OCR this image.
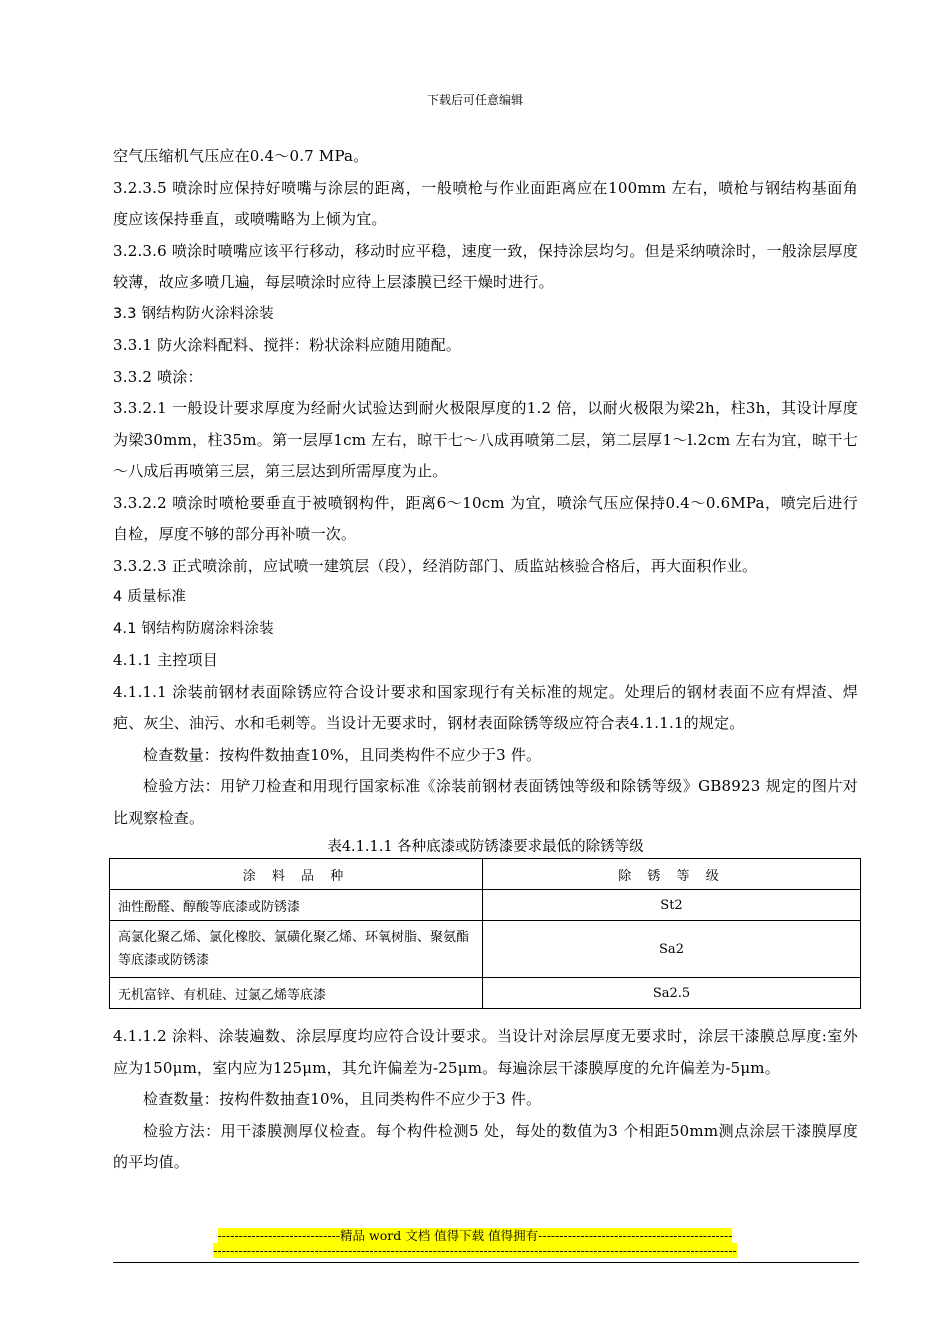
下载后可任意编辑

空气压缩机气压应在0.4～0.7 MPa。

3.2.3.5 喷涂时应保持好喷嘴与涂层的距离，一般喷枪与作业面距离应在100mm 左右，喷枪与钢结构基面角度应该保持垂直，或喷嘴略为上倾为宜。

3.2.3.6 喷涂时喷嘴应该平行移动，移动时应平稳，速度一致，保持涂层均匀。但是采纳喷涂时，一般涂层厚度较薄，故应多喷几遍，每层喷涂时应待上层漆膜已经干燥时进行。

3.3 钢结构防火涂料涂装

3.3.1 防火涂料配料、搅拌：粉状涂料应随用随配。

3.3.2 喷涂：

3.3.2.1 一般设计要求厚度为经耐火试验达到耐火极限厚度的1.2 倍，以耐火极限为梁2h，柱3h，其设计厚度为梁30mm，柱35m。第一层厚1cm 左右，晾干七～八成再喷第二层，第二层厚1～l.2cm 左右为宜，晾干七～八成后再喷第三层，第三层达到所需厚度为止。

3.3.2.2 喷涂时喷枪要垂直于被喷钢构件，距离6～10cm 为宜，喷涂气压应保持0.4～0.6MPa，喷完后进行自检，厚度不够的部分再补喷一次。

3.3.2.3 正式喷涂前，应试喷一建筑层（段），经消防部门、质监站核验合格后，再大面积作业。

4 质量标准

4.1 钢结构防腐涂料涂装

4.1.1 主控项目

4.1.1.1 涂装前钢材表面除锈应符合设计要求和国家现行有关标准的规定。处理后的钢材表面不应有焊渣、焊疤、灰尘、油污、水和毛刺等。当设计无要求时，钢材表面除锈等级应符合表4.1.1.1的规定。

检查数量：按构件数抽查10%，且同类构件不应少于3 件。

检验方法：用铲刀检查和用现行国家标准《涂装前钢材表面锈蚀等级和除锈等级》GB8923 规定的图片对比观察检查。

表4.1.1.1 各种底漆或防锈漆要求最低的除锈等级
涂 料 品 种	除 锈 等 级
油性酚醛、醇酸等底漆或防锈漆	St2
高氯化聚乙烯、氯化橡胶、氯磺化聚乙烯、环氧树脂、聚氨酯等底漆或防锈漆	Sa2
无机富锌、有机硅、过氯乙烯等底漆	Sa2.5

4.1.1.2 涂料、涂装遍数、涂层厚度均应符合设计要求。当设计对涂层厚度无要求时，涂层干漆膜总厚度:室外应为150μm，室内应为125μm，其允许偏差为-25μm。每遍涂层干漆膜厚度的允许偏差为-5μm。

检查数量：按构件数抽查10%，且同类构件不应少于3 件。

检验方法：用干漆膜测厚仪检查。每个构件检测5 处，每处的数值为3 个相距50mm测点涂层干漆膜厚度的平均值。

-----------------------------精品 word 文档 值得下载 值得拥有----------------------------------------------
----------------------------------------------------------------------------------------------------------------------------
